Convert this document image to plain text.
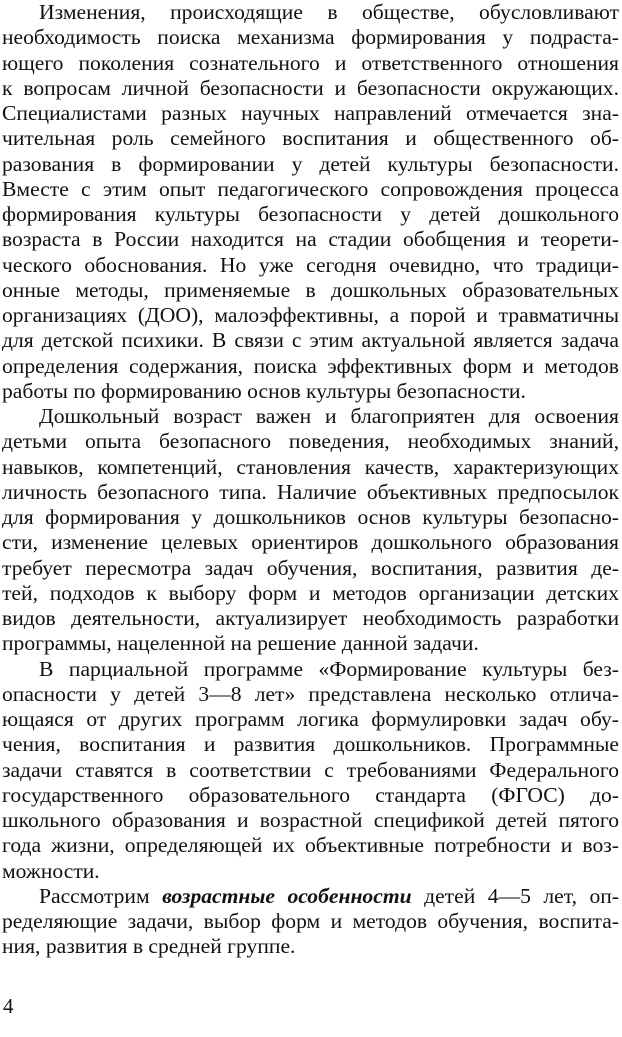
Изменения, происходящие в обществе, обусловливают
необходимость поиска механизма формирования у подраста-
ющего поколения сознательного и ответственного отношения
к вопросам личной безопасности и безопасности окружающих.
Специалистами разных научных направлений отмечается зна-
чительная роль семейного воспитания и общественного об-
разования в формировании у детей культуры безопасности.
Вместе с этим опыт педагогического сопровождения процесса
формирования культуры безопасности у детей дошкольного
возраста в России находится на стадии обобщения и теорети-
ческого обоснования. Но уже сегодня очевидно, что традици-
онные методы, применяемые в дошкольных образовательных
организациях (ДОО), малоэффективны, а порой и травматичны
для детской психики. В связи с этим актуальной является задача
определения содержания, поиска эффективных форм и методов
работы по формированию основ культуры безопасности.
Дошкольный возраст важен и благоприятен для освоения
детьми опыта безопасного поведения, необходимых знаний,
навыков, компетенций, становления качеств, характеризующих
личность безопасного типа. Наличие объективных предпосылок
для формирования у дошкольников основ культуры безопасно-
сти, изменение целевых ориентиров дошкольного образования
требует пересмотра задач обучения, воспитания, развития де-
тей, подходов к выбору форм и методов организации детских
видов деятельности, актуализирует необходимость разработки
программы, нацеленной на решение данной задачи.
В парциальной программе «Формирование культуры без-
опасности у детей 3—8 лет» представлена несколько отлича-
ющаяся от других программ логика формулировки задач обу-
чения, воспитания и развития дошкольников. Программные
задачи ставятся в соответствии с требованиями Федерального
государственного образовательного стандарта (ФГОС) до-
школьного образования и возрастной спецификой детей пятого
года жизни, определяющей их объективные потребности и воз-
можности.
Рассмотрим возрастные особенности детей 4—5 лет, оп-
ределяющие задачи, выбор форм и методов обучения, воспита-
ния, развития в средней группе.
4
